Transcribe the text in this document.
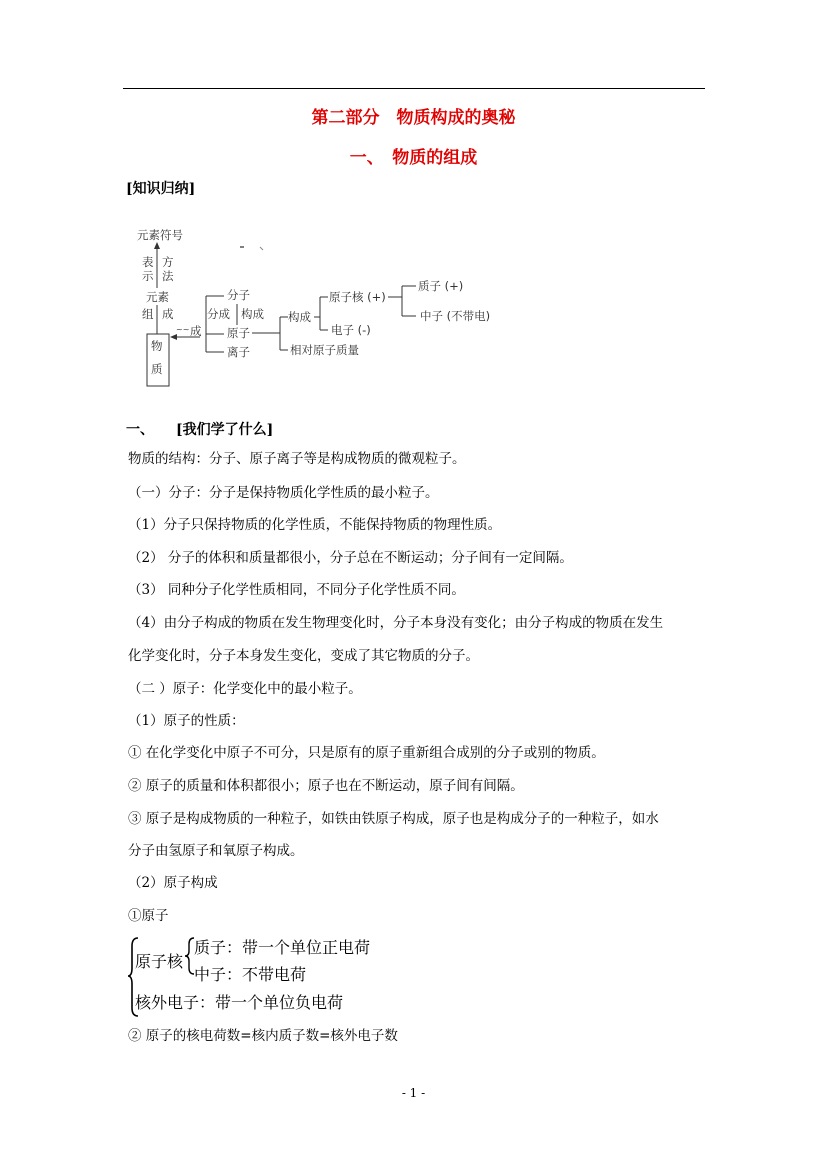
第二部分　物质构成的奥秘
一、　物质的组成
[知识归纳]
元素符号
表
示
方
法
元素
组 成
物
质
~~ 成
分子
分成 构成
原子
离子
构成
相对原子质量
原子核 (+)
电子 (-)
质子 (+)
中子 (不带电)
一、 [我们学了什么]
物质的结构：分子、原子离子等是构成物质的微观粒子。
（一）分子：分子是保持物质化学性质的最小粒子。
（1）分子只保持物质的化学性质，不能保持物质的物理性质。
（2） 分子的体积和质量都很小，分子总在不断运动；分子间有一定间隔。
（3） 同种分子化学性质相同，不同分子化学性质不同。
（4）由分子构成的物质在发生物理变化时，分子本身没有变化；由分子构成的物质在发生
化学变化时，分子本身发生变化，变成了其它物质的分子。
（二 ）原子：化学变化中的最小粒子。
（1）原子的性质：
① 在化学变化中原子不可分，只是原有的原子重新组合成别的分子或别的物质。
② 原子的质量和体积都很小；原子也在不断运动，原子间有间隔。
③ 原子是构成物质的一种粒子，如铁由铁原子构成，原子也是构成分子的一种粒子，如水
分子由氢原子和氧原子构成。
（2）原子构成
①原子
原子核
质子：带一个单位正电荷
中子：不带电荷
核外电子：带一个单位负电荷
② 原子的核电荷数=核内质子数=核外电子数
- 1 -
